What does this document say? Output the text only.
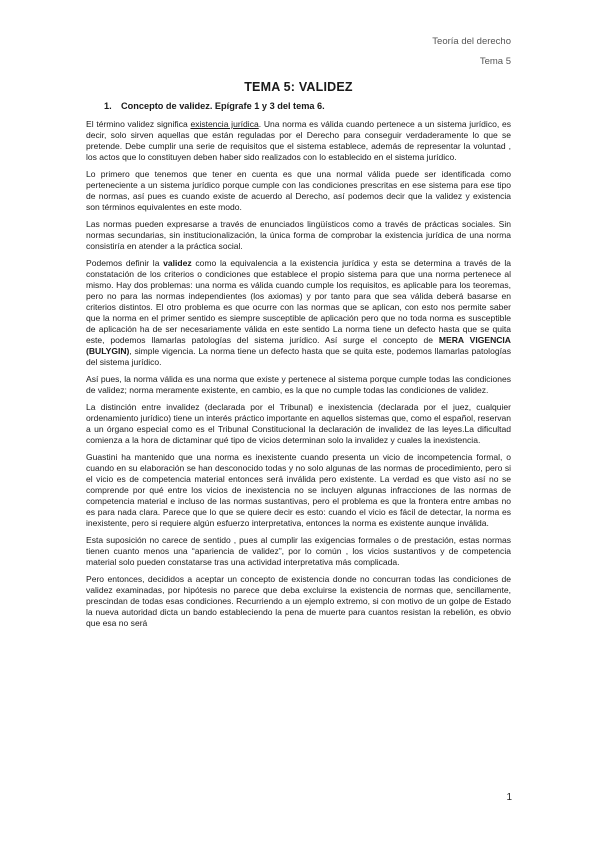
Teoría del derecho
Tema 5
TEMA 5: VALIDEZ
1. Concepto de validez. Epígrafe 1 y 3 del tema 6.

El término validez significa existencia jurídica. Una norma es válida cuando pertenece a un sistema jurídico, es decir, solo sirven aquellas que están reguladas por el Derecho para conseguir verdaderamente lo que se pretende. Debe cumplir una serie de requisitos que el sistema establece, además de representar la voluntad , los actos que lo constituyen deben haber sido realizados con lo establecido en el sistema jurídico.

Lo primero que tenemos que tener en cuenta es que una normal válida puede ser identificada como perteneciente a un sistema jurídico porque cumple con las condiciones prescritas en ese sistema para ese tipo de normas, así pues es cuando existe de acuerdo al Derecho, así podemos decir que la validez y existencia son términos equivalentes en este modo.

Las normas pueden expresarse a través de enunciados lingüísticos como a través de prácticas sociales. Sin normas secundarias, sin institucionalización, la única forma de comprobar la existencia jurídica de una norma consistiría en atender a la práctica social.

Podemos definir la validez como la equivalencia a la existencia jurídica y esta se determina a través de la constatación de los criterios o condiciones que establece el propio sistema para que una norma pertenece al mismo. Hay dos problemas: una norma es válida cuando cumple los requisitos, es aplicable para los teoremas, pero no para las normas independientes (los axiomas) y por tanto para que sea válida deberá basarse en criterios distintos. El otro problema es que ocurre con las normas que se aplican, con esto nos permite saber que la norma en el primer sentido es siempre susceptible de aplicación pero que no toda norma es susceptible de aplicación ha de ser necesariamente válida en este sentido La norma tiene un defecto hasta que se quita este, podemos llamarlas patologías del sistema jurídico. Así surge el concepto de MERA VIGENCIA (BULYGIN), simple vigencia. La norma tiene un defecto hasta que se quita este, podemos llamarlas patologías del sistema jurídico.

Así pues, la norma válida es una norma que existe y pertenece al sistema porque cumple todas las condiciones de validez; norma meramente existente, en cambio, es la que no cumple todas las condiciones de validez.

La distinción entre invalidez (declarada por el Tribunal) e inexistencia (declarada por el juez, cualquier ordenamiento jurídico) tiene un interés práctico importante en aquellos sistemas que, como el español, reservan a un órgano especial como es el Tribunal Constitucional la declaración de invalidez de las leyes.La dificultad comienza a la hora de dictaminar qué tipo de vicios determinan solo la invalidez y cuales la inexistencia.

Guastini ha mantenido que una norma es inexistente cuando presenta un vicio de incompetencia formal, o cuando en su elaboración se han desconocido todas y no solo algunas de las normas de procedimiento, pero si el vicio es de competencia material entonces será inválida pero existente. La verdad es que visto así no se comprende por qué entre los vicios de inexistencia no se incluyen algunas infracciones de las normas de competencia material e incluso de las normas sustantivas, pero el problema es que la frontera entre ambas no es para nada clara. Parece que lo que se quiere decir es esto: cuando el vicio es fácil de detectar, la norma es inexistente, pero si requiere algún esfuerzo interpretativa, entonces la norma es existente aunque inválida.

Esta suposición no carece de sentido , pues al cumplir las exigencias formales o de prestación, estas normas tienen cuanto menos una “apariencia de validez”, por lo común , los vicios sustantivos y de competencia material solo pueden constatarse tras una actividad interpretativa más complicada.

Pero entonces, decididos a aceptar un concepto de existencia donde no concurran todas las condiciones de validez examinadas, por hipótesis no parece que deba excluirse la existencia de normas que, sencillamente, prescindan de todas esas condiciones. Recurriendo a un ejemplo extremo, si con motivo de un golpe de Estado la nueva autoridad dicta un bando estableciendo la pena de muerte para cuantos resistan la rebelión, es obvio que esa no será

1
